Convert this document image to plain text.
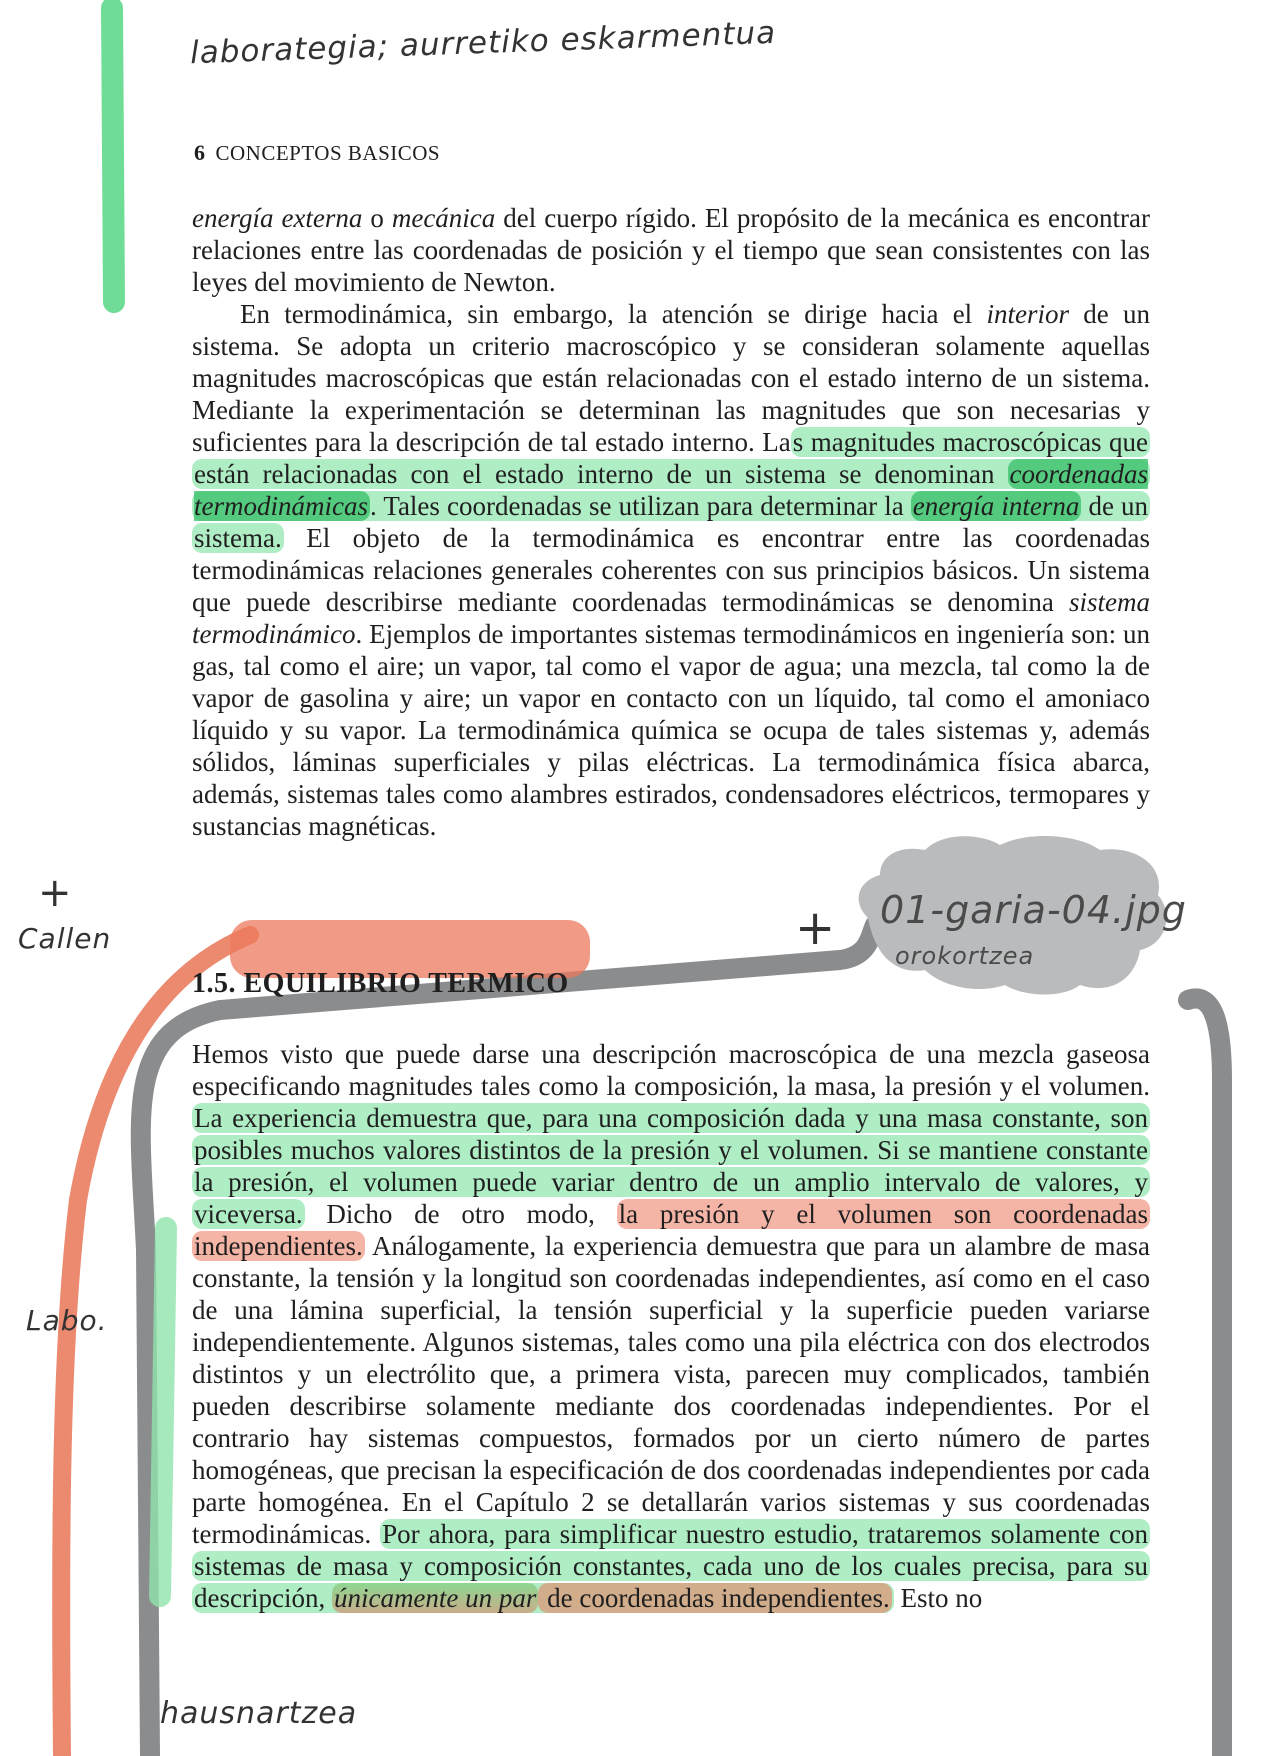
laborategia; aurretiko eskarmentua
+
Callen	+ 01-garia-04.jpg
orokortzea
Labo.
hausnartzea
6 CONCEPTOS BASICOS

energía externa o mecánica del cuerpo rígido. El propósito de la mecánica es encontrar relaciones entre las coordenadas de posición y el tiempo que sean consistentes con las leyes del movimiento de Newton.

En termodinámica, sin embargo, la atención se dirige hacia el interior de un sistema. Se adopta un criterio macroscópico y se consideran solamente aquellas magnitudes macroscópicas que están relacionadas con el estado interno de un sistema. Mediante la experimentación se determinan las magnitudes que son necesarias y suficientes para la descripción de tal estado interno. Las magnitudes macroscópicas que están relacionadas con el estado interno de un sistema se denominan coordenadas termodinámicas. Tales coordenadas se utilizan para determinar la energía interna de un sistema. El objeto de la termodinámica es encontrar entre las coordenadas termodinámicas relaciones generales coherentes con sus principios básicos. Un sistema que puede describirse mediante coordenadas termodinámicas se denomina sistema termodinámico. Ejemplos de importantes sistemas termodinámicos en ingeniería son: un gas, tal como el aire; un vapor, tal como el vapor de agua; una mezcla, tal como la de vapor de gasolina y aire; un vapor en contacto con un líquido, tal como el amoniaco líquido y su vapor. La termodinámica química se ocupa de tales sistemas y, además sólidos, láminas superficiales y pilas eléctricas. La termodinámica física abarca, además, sistemas tales como alambres estirados, condensadores eléctricos, termopares y sustancias magnéticas.

1.5. EQUILIBRIO TERMICO

Hemos visto que puede darse una descripción macroscópica de una mezcla gaseosa especificando magnitudes tales como la composición, la masa, la presión y el volumen. La experiencia demuestra que, para una composición dada y una masa constante, son posibles muchos valores distintos de la presión y el volumen. Si se mantiene constante la presión, el volumen puede variar dentro de un amplio intervalo de valores, y viceversa. Dicho de otro modo, la presión y el volumen son coordenadas independientes. Análogamente, la experiencia demuestra que para un alambre de masa constante, la tensión y la longitud son coordenadas independientes, así como en el caso de una lámina superficial, la tensión superficial y la superficie pueden variarse independientemente. Algunos sistemas, tales como una pila eléctrica con dos electrodos distintos y un electrólito que, a primera vista, parecen muy complicados, también pueden describirse solamente mediante dos coordenadas independientes. Por el contrario hay sistemas compuestos, formados por un cierto número de partes homogéneas, que precisan la especificación de dos coordenadas independientes por cada parte homogénea. En el Capítulo 2 se detallarán varios sistemas y sus coordenadas termodinámicas. Por ahora, para simplificar nuestro estudio, trataremos solamente con sistemas de masa y composición constantes, cada uno de los cuales precisa, para su descripción, únicamente un par de coordenadas independientes. Esto no
